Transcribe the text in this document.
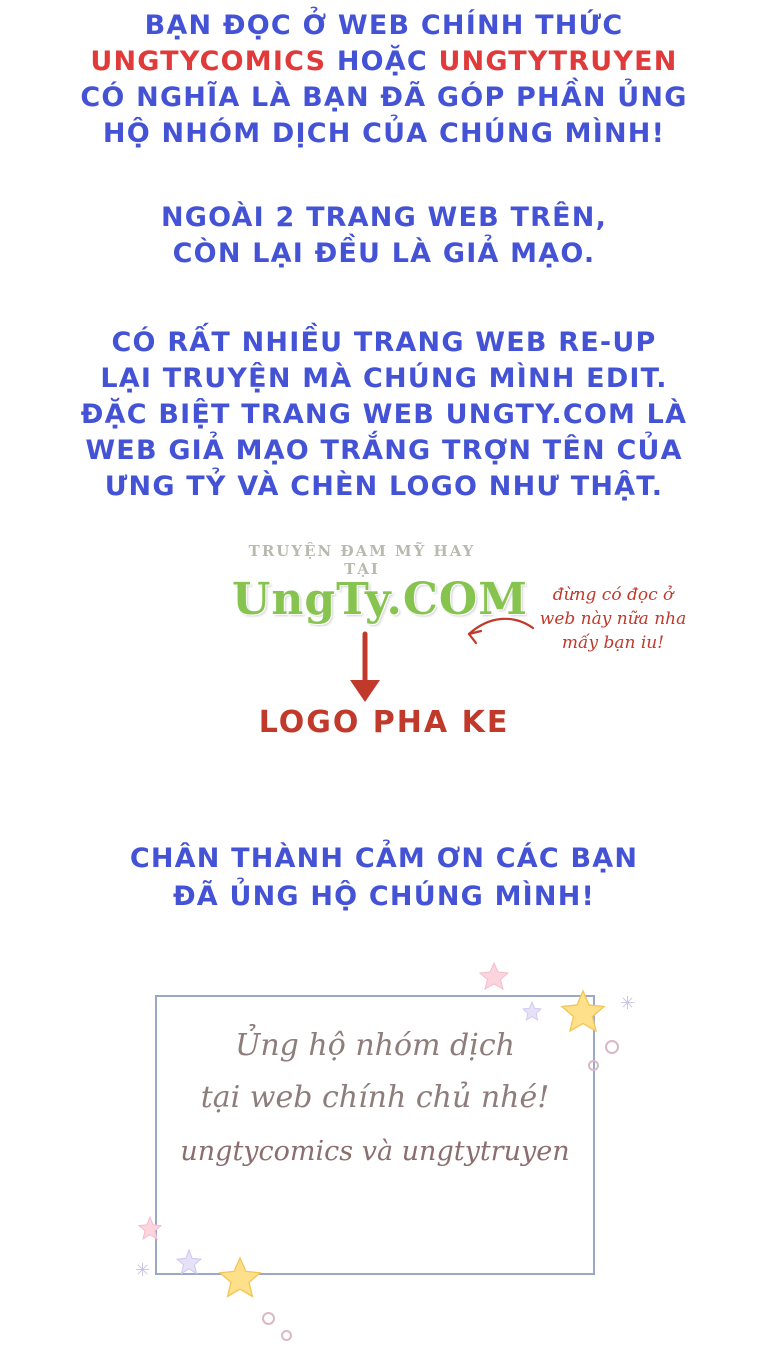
BẠN ĐỌC Ở WEB CHÍNH THỨC
UNGTYCOMICS HOẶC UNGTYTRUYEN
CÓ NGHĨA LÀ BẠN ĐÃ GÓP PHẦN ỦNG
HỘ NHÓM DỊCH CỦA CHÚNG MÌNH!
NGOÀI 2 TRANG WEB TRÊN,
CÒN LẠI ĐỀU LÀ GIẢ MẠO.
CÓ RẤT NHIỀU TRANG WEB RE-UP
LẠI TRUYỆN MÀ CHÚNG MÌNH EDIT.
ĐẶC BIỆT TRANG WEB UNGTY.COM LÀ
WEB GIẢ MẠO TRẮNG TRỢN TÊN CỦA
ƯNG TỶ VÀ CHÈN LOGO NHƯ THẬT.
TRUYỆN ĐAM MỸ HAY TẠI
UngTy.COM	đừng có đọc ở
web này nữa nha
mấy bạn iu!
LOGO PHA KE
CHÂN THÀNH CẢM ƠN CÁC BẠN
ĐÃ ỦNG HỘ CHÚNG MÌNH!
Ủng hộ nhóm dịch
tại web chính chủ nhé!
ungtycomics và ungtytruyen
✳
✳
